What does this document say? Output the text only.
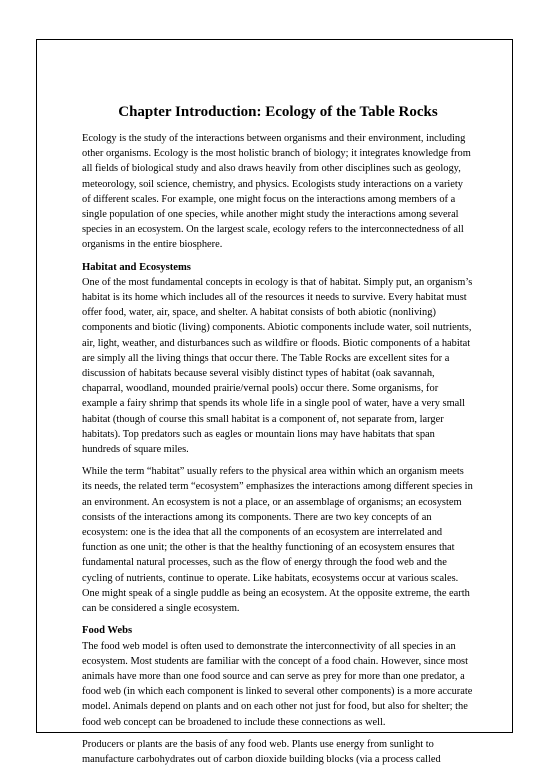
Chapter Introduction: Ecology of the Table Rocks

Ecology is the study of the interactions between organisms and their environment, including other organisms. Ecology is the most holistic branch of biology; it integrates knowledge from all fields of biological study and also draws heavily from other disciplines such as geology, meteorology, soil science, chemistry, and physics. Ecologists study interactions on a variety of different scales. For example, one might focus on the interactions among members of a single population of one species, while another might study the interactions among several species in an ecosystem. On the largest scale, ecology refers to the interconnectedness of all organisms in the entire biosphere.

Habitat and Ecosystems

One of the most fundamental concepts in ecology is that of habitat. Simply put, an organism’s habitat is its home which includes all of the resources it needs to survive. Every habitat must offer food, water, air, space, and shelter. A habitat consists of both abiotic (nonliving) components and biotic (living) components. Abiotic components include water, soil nutrients, air, light, weather, and disturbances such as wildfire or floods. Biotic components of a habitat are simply all the living things that occur there. The Table Rocks are excellent sites for a discussion of habitats because several visibly distinct types of habitat (oak savannah, chaparral, woodland, mounded prairie/vernal pools) occur there. Some organisms, for example a fairy shrimp that spends its whole life in a single pool of water, have a very small habitat (though of course this small habitat is a component of, not separate from, larger habitats). Top predators such as eagles or mountain lions may have habitats that span hundreds of square miles.

While the term “habitat” usually refers to the physical area within which an organism meets its needs, the related term “ecosystem” emphasizes the interactions among different species in an environment. An ecosystem is not a place, or an assemblage of organisms; an ecosystem consists of the interactions among its components. There are two key concepts of an ecosystem: one is the idea that all the components of an ecosystem are interrelated and function as one unit; the other is that the healthy functioning of an ecosystem ensures that fundamental natural processes, such as the flow of energy through the food web and the cycling of nutrients, continue to operate. Like habitats, ecosystems occur at various scales. One might speak of a single puddle as being an ecosystem. At the opposite extreme, the earth can be considered a single ecosystem.

Food Webs

The food web model is often used to demonstrate the interconnectivity of all species in an ecosystem. Most students are familiar with the concept of a food chain. However, since most animals have more than one food source and can serve as prey for more than one predator, a food web (in which each component is linked to several other components) is a more accurate model. Animals depend on plants and on each other not just for food, but also for shelter; the food web concept can be broadened to include these connections as well.

Producers or plants are the basis of any food web. Plants use energy from sunlight to manufacture carbohydrates out of carbon dioxide building blocks (via a process called
